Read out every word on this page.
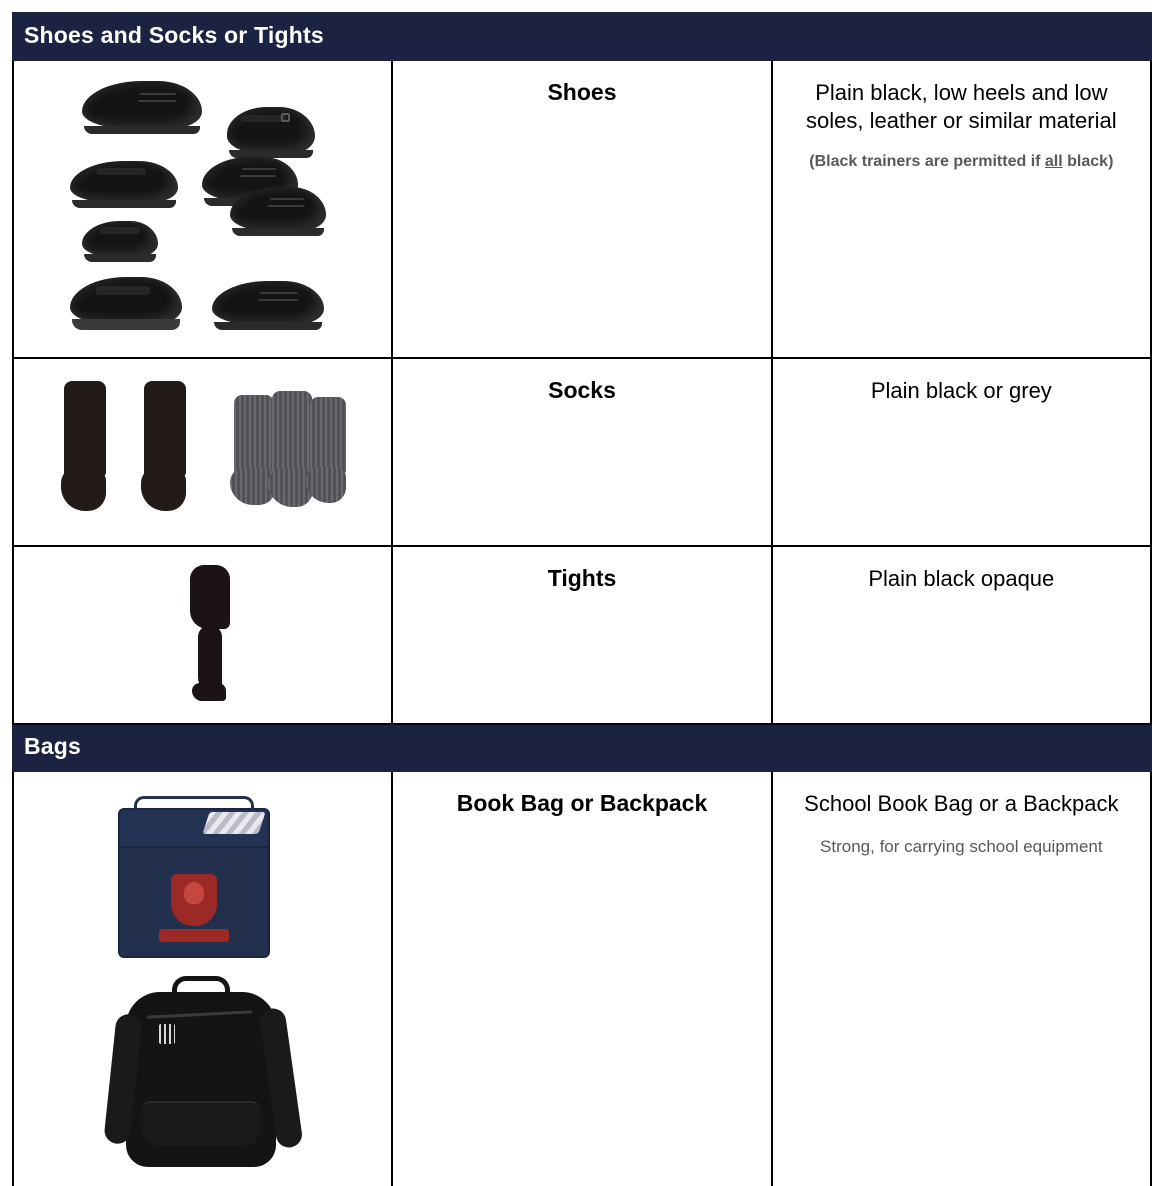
Shoes and Socks or Tights		

	Shoes	Plain black, low heels and low soles, leather or similar material
(Black trainers are permitted if all black)

	Socks	Plain black or grey

	Tights	Plain black opaque
Bags		

	Book Bag or Backpack	School Book Bag or a Backpack
Strong, for carrying school equipment
